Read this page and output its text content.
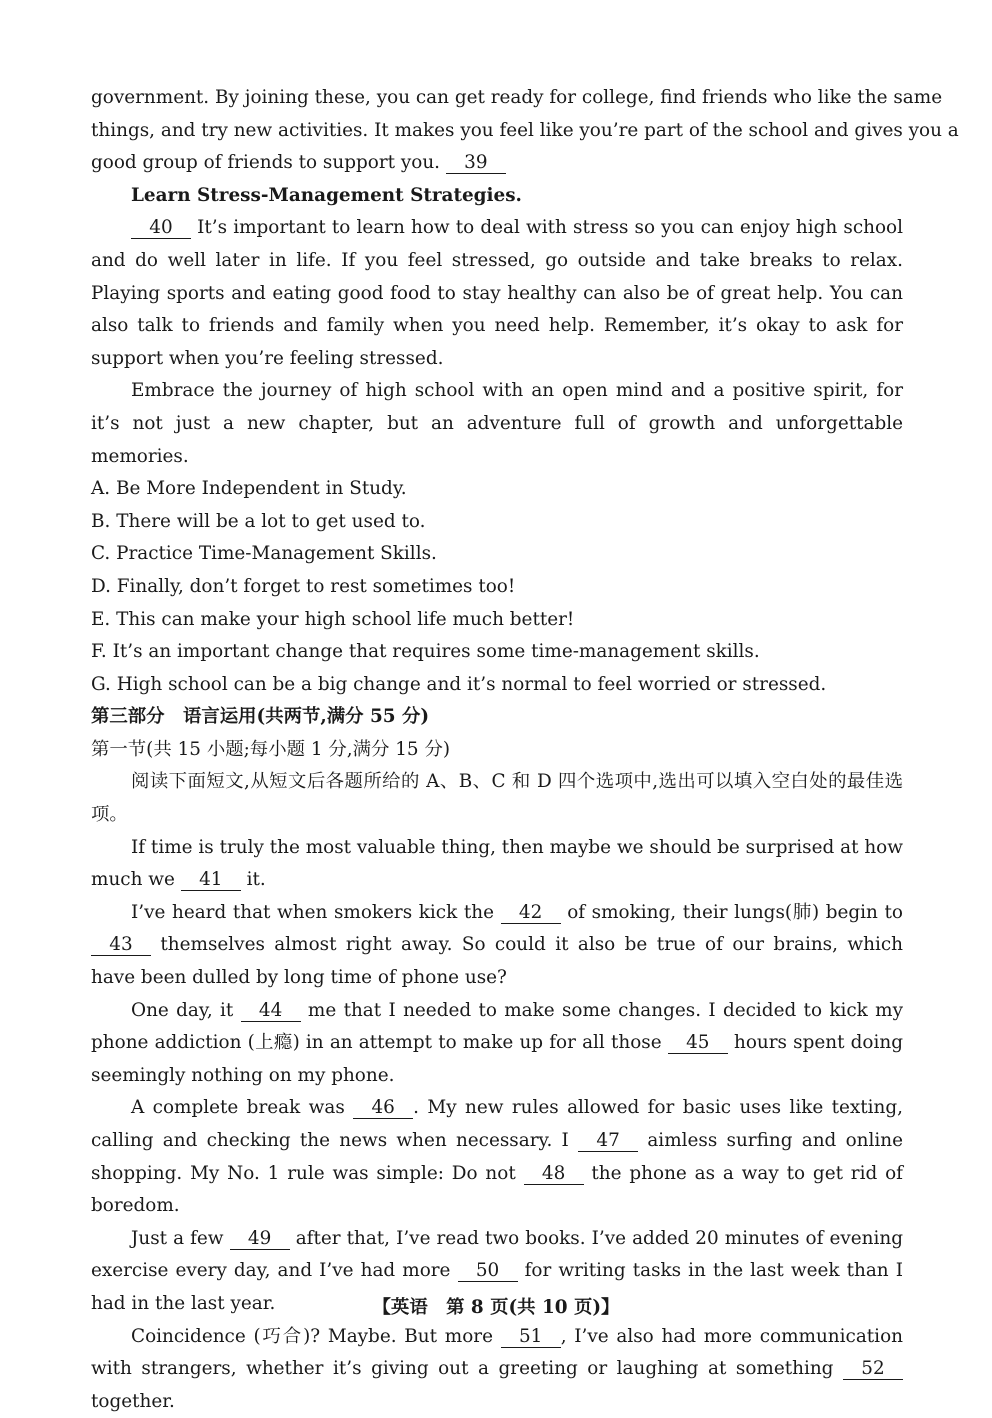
government. By joining these, you can get ready for college, find friends who like the same

things, and try new activities. It makes you feel like you’re part of the school and gives you a

good group of friends to support you. 39

Learn Stress-Management Strategies.

40 It’s important to learn how to deal with stress so you can enjoy high school and do well later in life. If you feel stressed, go outside and take breaks to relax. Playing sports and eating good food to stay healthy can also be of great help. You can also talk to friends and family when you need help. Remember, it’s okay to ask for support when you’re feeling stressed.

Embrace the journey of high school with an open mind and a positive spirit, for it’s not just a new chapter, but an adventure full of growth and unforgettable memories.

A. Be More Independent in Study.

B. There will be a lot to get used to.

C. Practice Time-Management Skills.

D. Finally, don’t forget to rest sometimes too!

E. This can make your high school life much better!

F. It’s an important change that requires some time-management skills.

G. High school can be a big change and it’s normal to feel worried or stressed.

第三部分　语言运用(共两节,满分 55 分)

第一节(共 15 小题;每小题 1 分,满分 15 分)

阅读下面短文,从短文后各题所给的 A、B、C 和 D 四个选项中,选出可以填入空白处的最佳选项。

If time is truly the most valuable thing, then maybe we should be surprised at how much we 41 it.

I’ve heard that when smokers kick the 42 of smoking, their lungs(肺) begin to 43 themselves almost right away. So could it also be true of our brains, which have been dulled by long time of phone use?

One day, it 44 me that I needed to make some changes. I decided to kick my phone addiction (上瘾) in an attempt to make up for all those 45 hours spent doing seemingly nothing on my phone.

A complete break was 46 . My new rules allowed for basic uses like texting, calling and checking the news when necessary. I 47 aimless surfing and online shopping. My No. 1 rule was simple: Do not 48 the phone as a way to get rid of boredom.

Just a few 49 after that, I’ve read two books. I’ve added 20 minutes of evening exercise every day, and I’ve had more 50 for writing tasks in the last week than I had in the last year.

Coincidence (巧合)? Maybe. But more 51 , I’ve also had more communication with strangers, whether it’s giving out a greeting or laughing at something 52 together.

【英语　第 8 页(共 10 页)】
